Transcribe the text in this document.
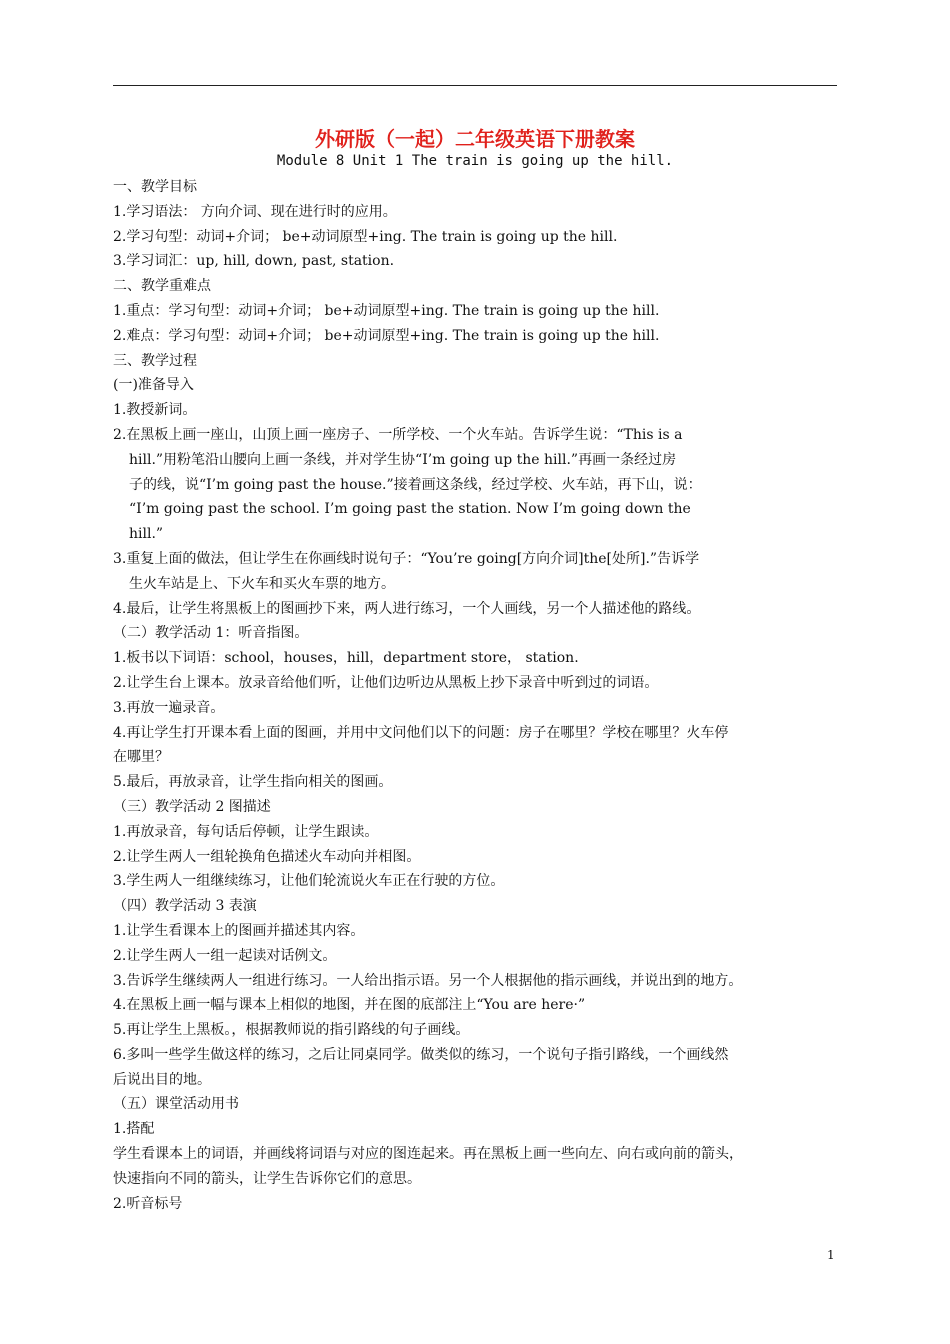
外研版（一起）二年级英语下册教案
Module 8 Unit 1 The train is going up the hill.
一、教学目标
1.学习语法： 方向介词、现在进行时的应用。
2.学习句型：动词+介词； be+动词原型+ing. The train is going up the hill.
3.学习词汇：up, hill, down, past, station.
二、教学重难点
1.重点：学习句型：动词+介词； be+动词原型+ing. The train is going up the hill.
2.难点：学习句型：动词+介词； be+动词原型+ing. The train is going up the hill.
三、教学过程
(一)准备导入
1.教授新词。
2.在黑板上画一座山，山顶上画一座房子、一所学校、一个火车站。告诉学生说：“This is a
hill.”用粉笔沿山腰向上画一条线，并对学生协“I’m going up the hill.”再画一条经过房
子的线，说“I’m going past the house.”接着画这条线，经过学校、火车站，再下山，说：
“I’m going past the school. I’m going past the station. Now I’m going down the
hill.”
3.重复上面的做法，但让学生在你画线时说句子：“You’re going[方向介词]the[处所].”告诉学
生火车站是上、下火车和买火车票的地方。
4.最后，让学生将黑板上的图画抄下来，两人进行练习，一个人画线，另一个人描述他的路线。
（二）教学活动 1：听音指图。
1.板书以下词语：school，houses，hill，department store， station.
2.让学生台上课本。放录音给他们听，让他们边听边从黑板上抄下录音中听到过的词语。
3.再放一遍录音。
4.再让学生打开课本看上面的图画，并用中文问他们以下的问题：房子在哪里？学校在哪里？火车停
在哪里？
5.最后，再放录音，让学生指向相关的图画。
（三）教学活动 2 图描述
1.再放录音，每句话后停顿，让学生跟读。
2.让学生两人一组轮换角色描述火车动向并相图。
3.学生两人一组继续练习，让他们轮流说火车正在行驶的方位。
（四）教学活动 3 表演
1.让学生看课本上的图画并描述其内容。
2.让学生两人一组一起读对话例文。
3.告诉学生继续两人一组进行练习。一人给出指示语。另一个人根据他的指示画线，并说出到的地方。
4.在黑板上画一幅与课本上相似的地图，并在图的底部注上“You are here·”
5.再让学生上黑板。，根据教师说的指引路线的句子画线。
6.多叫一些学生做这样的练习，之后让同桌同学。做类似的练习，一个说句子指引路线，一个画线然
后说出目的地。
（五）课堂活动用书
1.搭配
学生看课本上的词语，并画线将词语与对应的图连起来。再在黑板上画一些向左、向右或向前的箭头，
快速指向不同的箭头，让学生告诉你它们的意思。
2.听音标号
1
